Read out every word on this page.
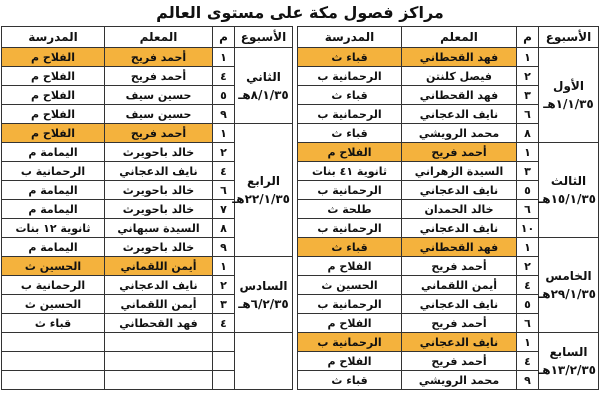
مراكز فصول مكة على مستوى العالم
الأسبوع	م	المعلم	المدرسة

الأول
١/١/٣٥هـ	١	فهد القحطاني	قباء ث
	٢	فيصل كلنتن	الرحمانية ب
	٣	فهد القحطاني	قباء ث
	٦	نايف الدعجاني	الرحمانية ب
	٨	محمد الرويشي	قباء ث

الثالث
١٥/١/٣٥هـ	١	أحمد فريح	الفلاح م
	٣	السيدة الزهراني	ثانوية ٤١ بنات
	٥	نايف الدعجاني	الرحمانية ب
	٦	خالد الحمدان	طلحة ث
	١٠	نايف الدعجاني	الرحمانية ب

الخامس
٢٩/١/٣٥هـ	١	فهد القحطاني	قباء ث
	٢	أحمد فريح	الفلاح م
	٤	أيمن اللقماني	الحسين ث
	٥	نايف الدعجاني	الرحمانية ب
	٦	أحمد فريح	الفلاح م

السابع
١٣/٢/٣٥هـ	١	نايف الدعجاني	الرحمانية ب
	٤	أحمد فريح	الفلاح م
	٩	محمد الرويشي	قباء ث
الأسبوع	م	المعلم	المدرسة

الثاني
٨/١/٣٥هـ	١	أحمد فريح	الفلاح م
	٤	أحمد فريح	الفلاح م
	٥	حسين سيف	الفلاح م
	٩	حسين سيف	الفلاح م

الرابع
٢٢/١/٣٥هـ	١	أحمد فريح	الفلاح م
	٢	خالد باحويرث	اليمامة م
	٤	نايف الدعجاني	الرحمانية ب
	٦	خالد باحويرث	اليمامة م
	٧	خالد باحويرث	اليمامة م
	٨	السيدة سبهاني	ثانوية ١٢ بنات
	٩	خالد باحويرث	اليمامة م

السادس
٦/٢/٣٥هـ	١	أيمن اللقماني	الحسين ث
	٢	نايف الدعجاني	الرحمانية ب
	٣	أيمن اللقماني	الحسين ث
	٤	فهد القحطاني	قباء ث
